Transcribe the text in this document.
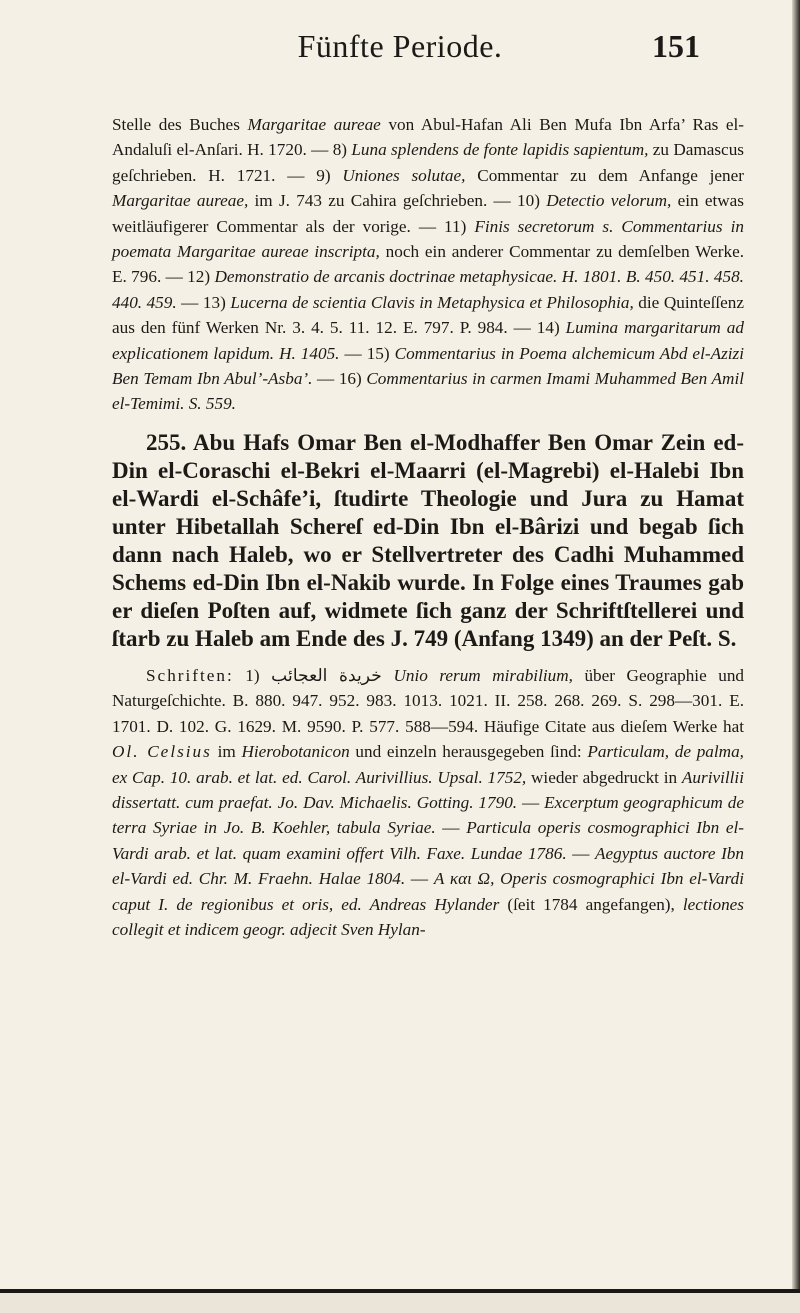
Fünfte Periode.	151

Stelle des Buches Margaritae aureae von Abul-Hafan Ali Ben Mufa Ibn Arfa’ Ras el-Andaluſi el-Anſari. H. 1720. — 8) Luna splendens de fonte lapidis sapientum, zu Damascus geſchrieben. H. 1721. — 9) Uniones solutae, Commentar zu dem Anfange jener Margaritae aureae, im J. 743 zu Cahira geſchrieben. — 10) Detectio velorum, ein etwas weitläufigerer Commentar als der vorige. — 11) Finis secretorum s. Commentarius in poemata Margaritae aureae inscripta, noch ein anderer Commentar zu demſelben Werke. E. 796. — 12) Demonstratio de arcanis doctrinae metaphysicae. H. 1801. B. 450. 451. 458. 440. 459. — 13) Lucerna de scientia Clavis in Metaphysica et Philosophia, die Quinteſſenz aus den fünf Werken Nr. 3. 4. 5. 11. 12. E. 797. P. 984. — 14) Lumina margaritarum ad explicationem lapidum. H. 1405. — 15) Commentarius in Poema alchemicum Abd el-Azizi Ben Temam Ibn Abul’-Asba’. — 16) Commentarius in carmen Imami Muhammed Ben Amil el-Temimi. S. 559.

255. Abu Hafs Omar Ben el-Modhaffer Ben Omar Zein ed-Din el-Coraschi el-Bekri el-Maarri (el-Magrebi) el-Halebi Ibn el-Wardi el-Schâfe’i, ſtudirte Theologie und Jura zu Hamat unter Hibetallah Schereſ ed-Din Ibn el-Bârizi und begab ſich dann nach Haleb, wo er Stellvertreter des Cadhi Muhammed Schems ed-Din Ibn el-Nakib wurde. In Folge eines Traumes gab er dieſen Poſten auf, widmete ſich ganz der Schriftſtellerei und ſtarb zu Haleb am Ende des J. 749 (Anfang 1349) an der Peſt. S.

Schriften: 1) خريدة العجائب Unio rerum mirabilium, über Geographie und Naturgeſchichte. B. 880. 947. 952. 983. 1013. 1021. II. 258. 268. 269. S. 298—301. E. 1701. D. 102. G. 1629. M. 9590. P. 577. 588—594. Häufige Citate aus dieſem Werke hat Ol. Celsius im Hierobotanicon und einzeln herausgegeben ſind: Particulam, de palma, ex Cap. 10. arab. et lat. ed. Carol. Aurivillius. Upsal. 1752, wieder abgedruckt in Aurivillii dissertatt. cum praefat. Jo. Dav. Michaelis. Gotting. 1790. — Excerptum geographicum de terra Syriae in Jo. B. Koehler, tabula Syriae. — Particula operis cosmographici Ibn el-Vardi arab. et lat. quam examini offert Vilh. Faxe. Lundae 1786. — Aegyptus auctore Ibn el-Vardi ed. Chr. M. Fraehn. Halae 1804. — A και Ω, Operis cosmographici Ibn el-Vardi caput I. de regionibus et oris, ed. Andreas Hylander (ſeit 1784 angefangen), lectiones collegit et indicem geogr. adjecit Sven Hylan-
